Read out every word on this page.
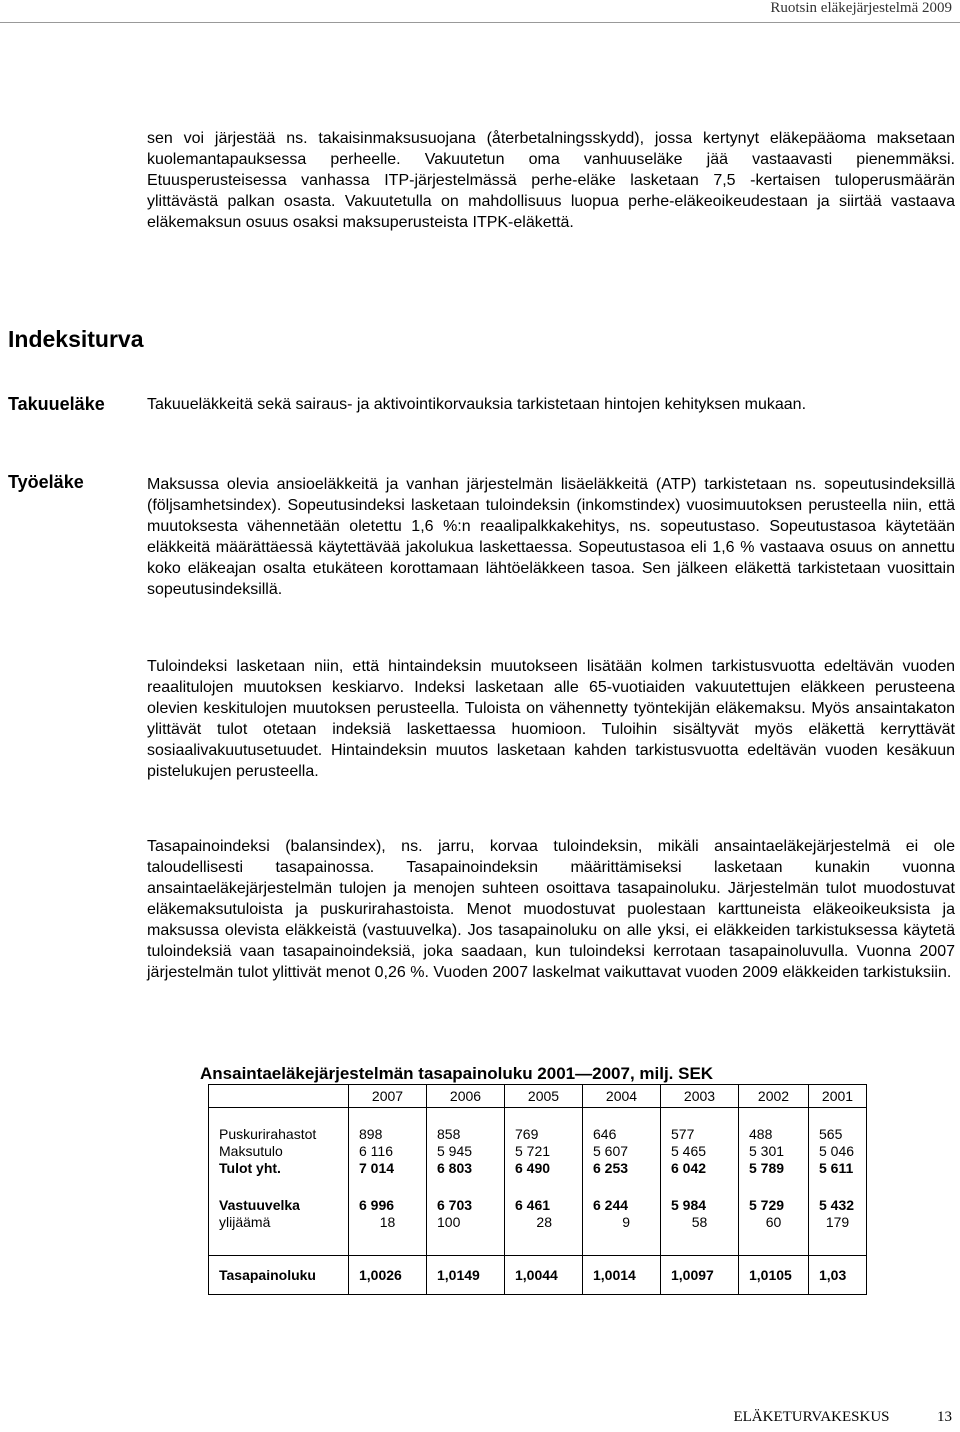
Ruotsin eläkejärjestelmä 2009
sen voi järjestää ns. takaisinmaksusuojana (återbetalningsskydd), jossa kertynyt eläkepääoma maksetaan kuolemantapauksessa perheelle. Vakuutetun oma vanhuuseläke jää vastaavasti pienemmäksi. Etuusperusteisessa vanhassa ITP-järjestelmässä perhe-eläke lasketaan 7,5 -kertaisen tuloperusmäärän ylittävästä palkan osasta. Vakuutetulla on mahdollisuus luopua perhe-eläkeoikeudestaan ja siirtää vastaava eläkemaksun osuus osaksi maksuperusteista ITPK-eläkettä.
Indeksiturva
Takuueläke	Takuueläkkeitä sekä sairaus- ja aktivointikorvauksia tarkistetaan hintojen kehityksen mukaan.
Työeläke	Maksussa olevia ansioeläkkeitä ja vanhan järjestelmän lisäeläkkeitä (ATP) tarkistetaan ns. sopeutusindeksillä (följsamhetsindex). Sopeutusindeksi lasketaan tuloindeksin (inkomstindex) vuosimuutoksen perusteella niin, että muutoksesta vähennetään oletettu 1,6 %:n reaalipalkkakehitys, ns. sopeutustaso. Sopeutustasoa käytetään eläkkeitä määrättäessä käytettävää jakolukua laskettaessa. Sopeutustasoa eli 1,6 % vastaava osuus on annettu koko eläkeajan osalta etukäteen korottamaan lähtöeläkkeen tasoa. Sen jälkeen eläkettä tarkistetaan vuosittain sopeutusindeksillä.
Tuloindeksi lasketaan niin, että hintaindeksin muutokseen lisätään kolmen tarkistusvuotta edeltävän vuoden reaalitulojen muutoksen keskiarvo. Indeksi lasketaan alle 65-vuotiaiden vakuutettujen eläkkeen perusteena olevien keskitulojen muutoksen perusteella. Tuloista on vähennetty työntekijän eläkemaksu. Myös ansaintakaton ylittävät tulot otetaan indeksiä laskettaessa huomioon. Tuloihin sisältyvät myös eläkettä kerryttävät sosiaalivakuutusetuudet. Hintaindeksin muutos lasketaan kahden tarkistusvuotta edeltävän vuoden kesäkuun pistelukujen perusteella.
Tasapainoindeksi (balansindex), ns. jarru, korvaa tuloindeksin, mikäli ansaintaeläkejärjestelmä ei ole taloudellisesti tasapainossa. Tasapainoindeksin määrittämiseksi lasketaan kunakin vuonna ansaintaeläkejärjestelmän tulojen ja menojen suhteen osoittava tasapainoluku. Järjestelmän tulot muodostuvat eläkemaksutuloista ja puskurirahastoista. Menot muodostuvat puolestaan karttuneista eläkeoikeuksista ja maksussa olevista eläkkeistä (vastuuvelka). Jos tasapainoluku on alle yksi, ei eläkkeiden tarkistuksessa käytetä tuloindeksiä vaan tasapainoindeksiä, joka saadaan, kun tuloindeksi kerrotaan tasapainoluvulla. Vuonna 2007 järjestelmän tulot ylittivät menot 0,26 %. Vuoden 2007 laskelmat vaikuttavat vuoden 2009 eläkkeiden tarkistuksiin.
Ansaintaeläkejärjestelmän tasapainoluku 2001—2007, milj. SEK
	2007	2006	2005	2004	2003	2002	2001

Puskurirahastot	898	858	769	646	577	488	565
Maksutulo	6 116	5 945	5 721	5 607	5 465	5 301	5 046
Tulot yht.	7 014	6 803	6 490	6 253	6 042	5 789	5 611

Vastuuvelka	6 996	6 703	6 461	6 244	5 984	5 729	5 432
ylijäämä	18	100	28	9	58	60	179

Tasapainoluku	1,0026	1,0149	1,0044	1,0014	1,0097	1,0105	1,03
ELÄKETURVAKESKUS	13
